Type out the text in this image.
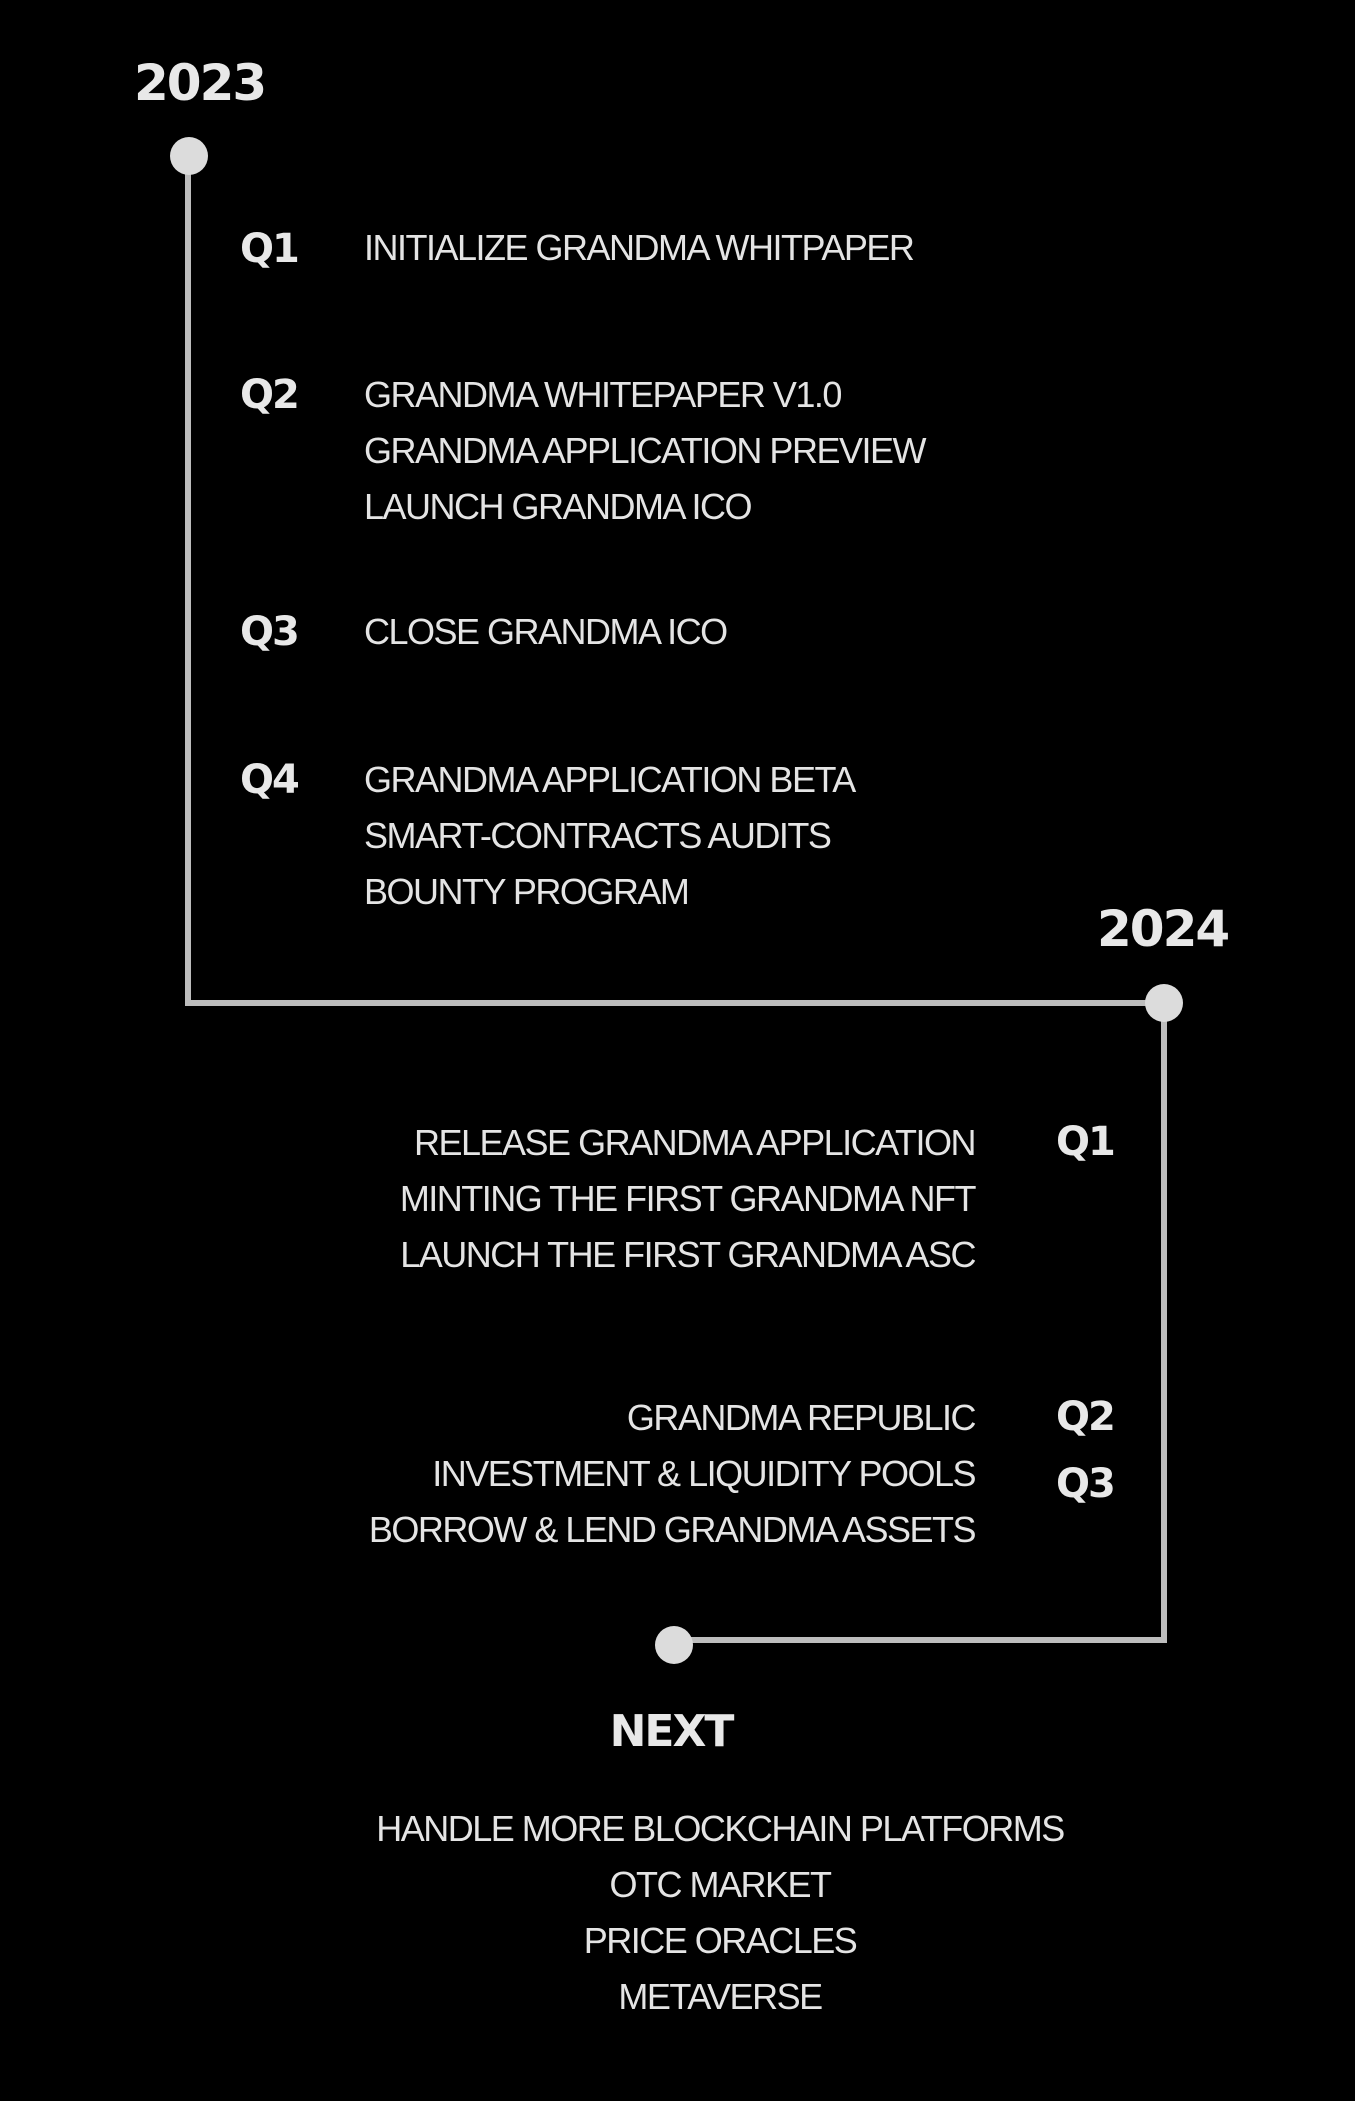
2023
2024
Q1 INITIALIZE GRANDMA WHITPAPER
Q2 GRANDMA WHITEPAPER V1.0
GRANDMA APPLICATION PREVIEW
LAUNCH GRANDMA ICO
Q3 CLOSE GRANDMA ICO
Q4 GRANDMA APPLICATION BETA
SMART-CONTRACTS AUDITS
BOUNTY PROGRAM
RELEASE GRANDMA APPLICATION
MINTING THE FIRST GRANDMA NFT
LAUNCH THE FIRST GRANDMA ASC
Q1
GRANDMA REPUBLIC
INVESTMENT & LIQUIDITY POOLS
BORROW & LEND GRANDMA ASSETS
Q2
Q3
NEXT
HANDLE MORE BLOCKCHAIN PLATFORMS
OTC MARKET
PRICE ORACLES
METAVERSE
